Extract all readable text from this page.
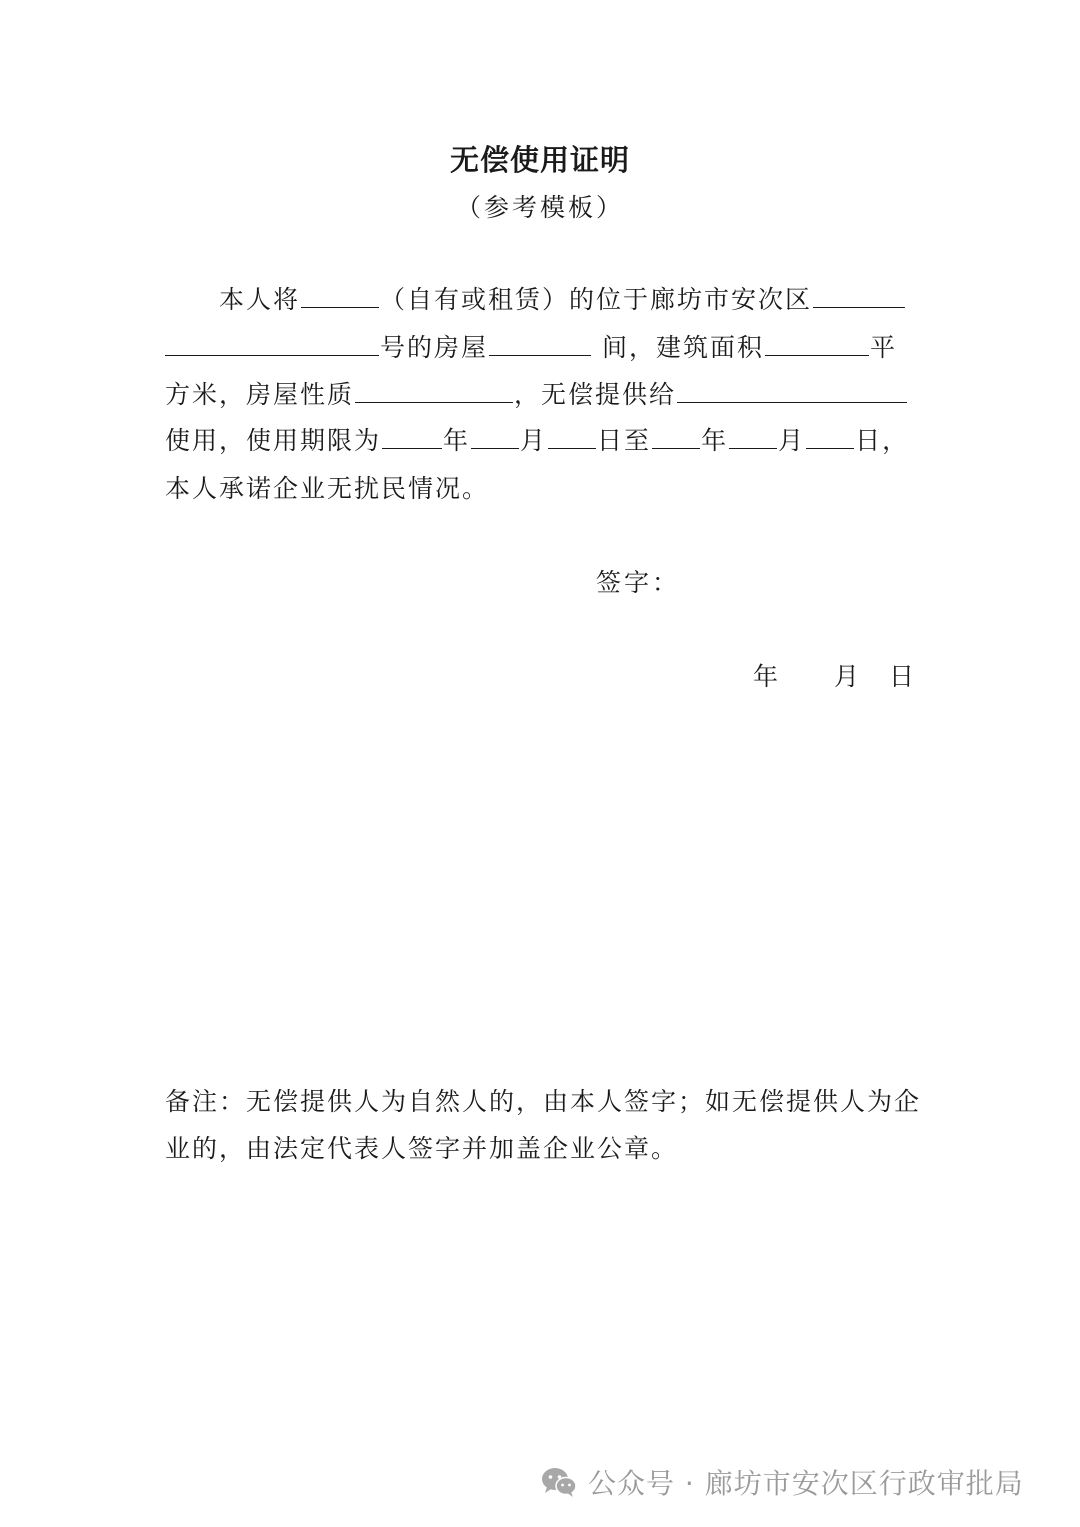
无偿使用证明
（参考模板）
本人将	（自有或租赁）的位于廊坊市安次区
号的房屋	间，建筑面积	平
方米，房屋性质	，无偿提供给
使用，使用期限为 年 月 日至 年 月 日，
本人承诺企业无扰民情况。
签字：
年 月 日
备注：无偿提供人为自然人的，由本人签字；如无偿提供人为企
业的，由法定代表人签字并加盖企业公章。
公众号 · 廊坊市安次区行政审批局
